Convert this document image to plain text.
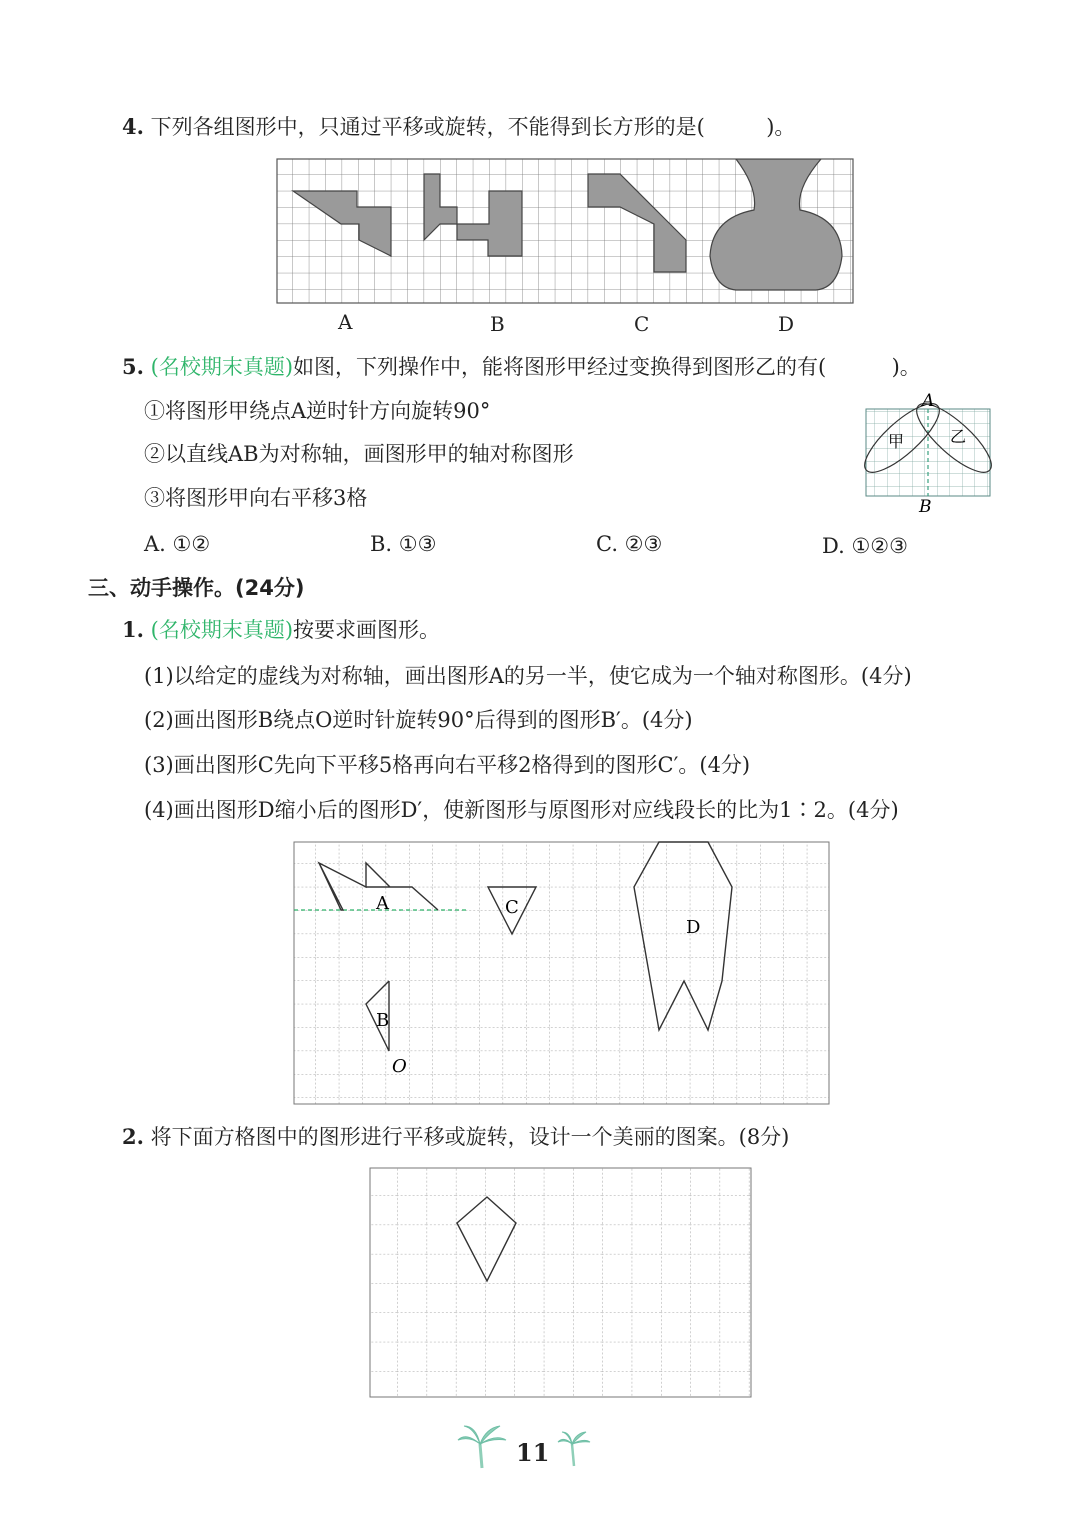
4. 下列各组图形中，只通过平移或旋转，不能得到长方形的是(	)。
A	B	C	D
5. (名校期末真题)如图，下列操作中，能将图形甲经过变换得到图形乙的有(	)。
①将图形甲绕点A逆时针方向旋转90°
②以直线AB为对称轴，画图形甲的轴对称图形
③将图形甲向右平移3格
A. ①②	B. ①③	C. ②③	D. ①②③
A
B
甲	乙
三、动手操作。(24分)
1. (名校期末真题)按要求画图形。
(1)以给定的虚线为对称轴，画出图形A的另一半，使它成为一个轴对称图形。(4分)
(2)画出图形B绕点O逆时针旋转90°后得到的图形B′。(4分)
(3)画出图形C先向下平移5格再向右平移2格得到的图形C′。(4分)
(4)画出图形D缩小后的图形D′，使新图形与原图形对应线段长的比为1∶2。(4分)
A	C
D
B
O
2. 将下面方格图中的图形进行平移或旋转，设计一个美丽的图案。(8分)
11
